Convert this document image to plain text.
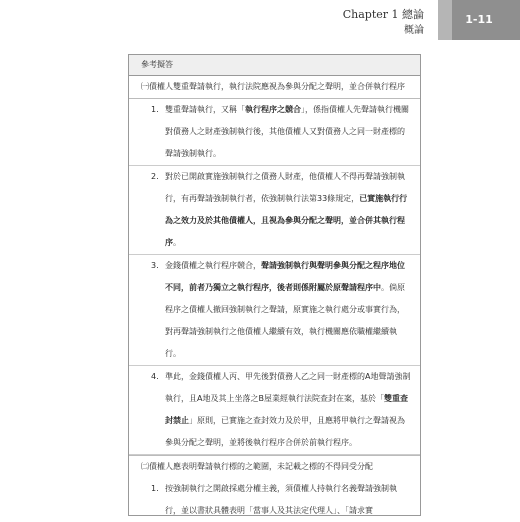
Chapter 1 總論
概論
1-11
參考擬答
㈠債權人雙重聲請執行，執行法院應視為參與分配之聲明，並合併執行程序
1. 雙重聲請執行，又稱「執行程序之競合」，係指債權人先聲請執行機關對債務人之財產強制執行後，其他債權人又對債務人之同一財產標的聲請強制執行。
2. 對於已開啟實施強制執行之債務人財產，他債權人不得再聲請強制執行，有再聲請強制執行者，依強制執行法第33條規定，已實施執行行為之效力及於其他債權人，且視為參與分配之聲明，並合併其執行程序。
3. 金錢債權之執行程序競合，聲請強制執行與聲明參與分配之程序地位不同，前者乃獨立之執行程序，後者則係附屬於原聲請程序中。倘原程序之債權人撤回強制執行之聲請，原實施之執行處分或事實行為，對再聲請強制執行之他債權人繼續有效，執行機關應依職權繼續執行。
4. 準此，金錢債權人丙、甲先後對債務人乙之同一財產標的A地聲請強制執行，且A地及其上坐落之B屋業經執行法院查封在案，基於「雙重查封禁止」原則，已實施之查封效力及於甲，且應將甲執行之聲請視為參與分配之聲明，並將後執行程序合併於前執行程序。
㈡債權人應表明聲請執行標的之範圍，未記載之標的不得同受分配
1. 按強制執行之開啟採處分權主義，須債權人持執行名義聲請強制執行，並以書狀具體表明「當事人及其法定代理人」、「請求實
